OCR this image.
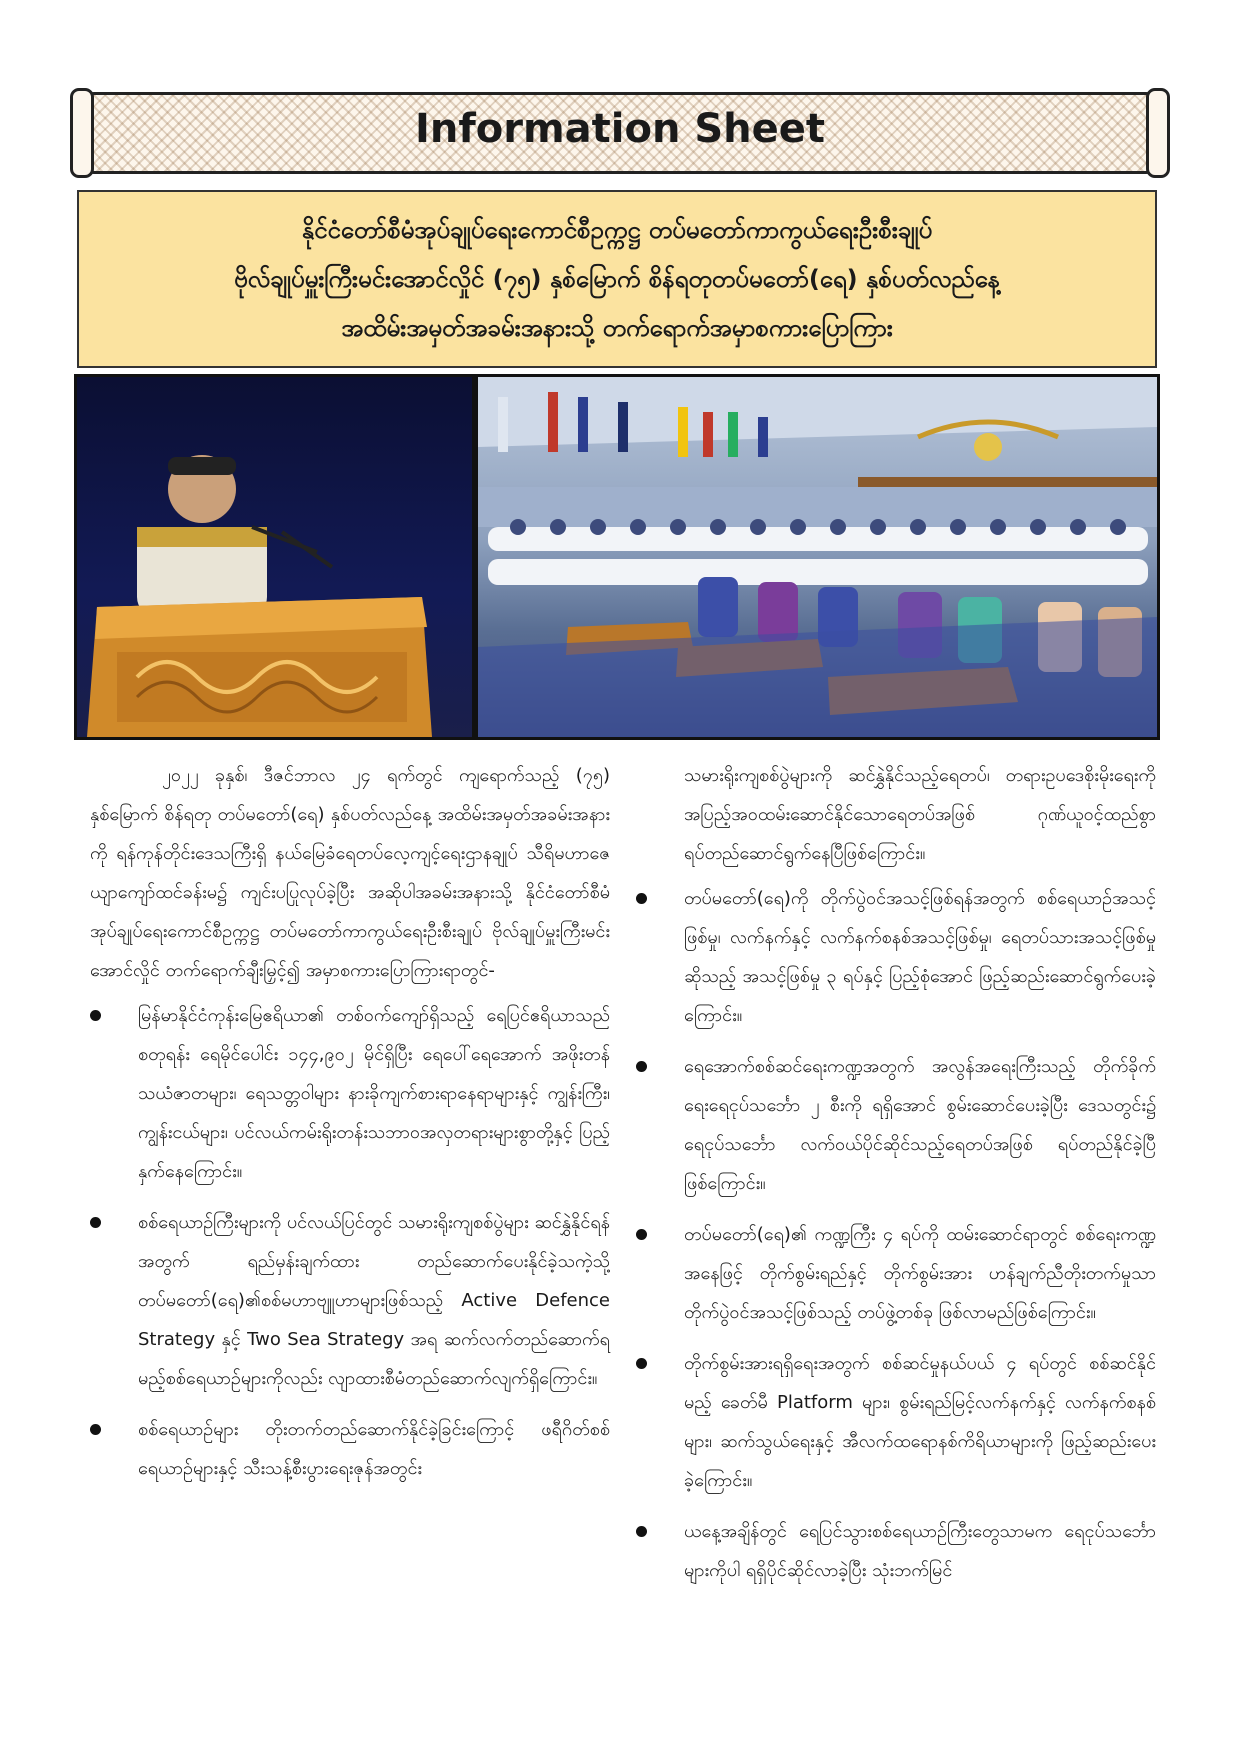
Information Sheet

နိုင်ငံတော်စီမံအုပ်ချုပ်ရေးကောင်စီဥက္ကဋ္ဌ တပ်မတော်ကာကွယ်ရေးဦးစီးချုပ်

ဗိုလ်ချုပ်မှူးကြီးမင်းအောင်လှိုင် (၇၅) နှစ်မြောက် စိန်ရတုတပ်မတော်(ရေ) နှစ်ပတ်လည်နေ့

အထိမ်းအမှတ်အခမ်းအနားသို့ တက်ရောက်အမှာစကားပြောကြား

၂၀၂၂ ခုနှစ်၊ ဒီဇင်ဘာလ ၂၄ ရက်တွင် ကျရောက်သည့် (၇၅) နှစ်မြောက် စိန်ရတု တပ်မတော်(ရေ) နှစ်ပတ်လည်နေ့ အထိမ်းအမှတ်အခမ်းအနားကို ရန်ကုန်တိုင်းဒေသကြီးရှိ နယ်မြေခံရေတပ်လေ့ကျင့်ရေးဌာနချုပ် သီရိမဟာဇေယျာကျော်ထင်ခန်းမ၌ ကျင်းပပြုလုပ်ခဲ့ပြီး အဆိုပါအခမ်းအနားသို့ နိုင်ငံတော်စီမံအုပ်ချုပ်ရေးကောင်စီဥက္ကဋ္ဌ တပ်မတော်ကာကွယ်ရေးဦးစီးချုပ် ဗိုလ်ချုပ်မှူးကြီးမင်းအောင်လှိုင် တက်ရောက်ချီးမြှင့်၍ အမှာစကားပြောကြားရာတွင်-

မြန်မာနိုင်ငံကုန်းမြေဧရိယာ၏ တစ်ဝက်ကျော်ရှိသည့် ရေပြင်ဧရိယာသည် စတုရန်း ရေမိုင်ပေါင်း ၁၄၄,၉၀၂ မိုင်ရှိပြီး ရေပေါ်ရေအောက် အဖိုးတန်သယံဇာတများ၊ ရေသတ္တဝါများ နားခိုကျက်စားရာနေရာများနှင့် ကျွန်းကြီး၊ ကျွန်းငယ်များ၊ ပင်လယ်ကမ်းရိုးတန်းသဘာဝအလှတရားများစွာတို့နှင့် ပြည့်နှက်နေကြောင်း။
စစ်ရေယာဉ်ကြီးများကို ပင်လယ်ပြင်တွင် သမားရိုးကျစစ်ပွဲများ ဆင်နွှဲနိုင်ရန်အတွက် ရည်မှန်းချက်ထား တည်ဆောက်ပေးနိုင်ခဲ့သကဲ့သို့ တပ်မတော်(ရေ)၏စစ်မဟာဗျူဟာများဖြစ်သည့် Active Defence Strategy နှင့် Two Sea Strategy အရ ဆက်လက်တည်ဆောက်ရမည့်စစ်ရေယာဉ်များကိုလည်း လျာထားစီမံတည်ဆောက်လျက်ရှိကြောင်း။
စစ်ရေယာဉ်များ တိုးတက်တည်ဆောက်နိုင်ခဲ့ခြင်းကြောင့် ဖရီဂိတ်စစ်ရေယာဉ်များနှင့် သီးသန့်စီးပွားရေးဇုန်အတွင်း

သမားရိုးကျစစ်ပွဲများကို ဆင်နွှဲနိုင်သည့်ရေတပ်၊ တရားဥပဒေစိုးမိုးရေးကို အပြည့်အဝထမ်းဆောင်နိုင်သောရေတပ်အဖြစ် ဂုဏ်ယူဝင့်ထည်စွာ ရပ်တည်ဆောင်ရွက်နေပြီဖြစ်ကြောင်း။

တပ်မတော်(ရေ)ကို တိုက်ပွဲဝင်အသင့်ဖြစ်ရန်အတွက် စစ်ရေယာဉ်အသင့်ဖြစ်မှု၊ လက်နက်နှင့် လက်နက်စနစ်အသင့်ဖြစ်မှု၊ ရေတပ်သားအသင့်ဖြစ်မှုဆိုသည့် အသင့်ဖြစ်မှု ၃ ရပ်နှင့် ပြည့်စုံအောင် ဖြည့်ဆည်းဆောင်ရွက်ပေးခဲ့ကြောင်း။
ရေအောက်စစ်ဆင်ရေးကဏ္ဍအတွက် အလွန်အရေးကြီးသည့် တိုက်ခိုက်ရေးရေငုပ်သင်္ဘော ၂ စီးကို ရရှိအောင် စွမ်းဆောင်ပေးခဲ့ပြီး ဒေသတွင်း၌ ရေငုပ်သင်္ဘော လက်ဝယ်ပိုင်ဆိုင်သည့်ရေတပ်အဖြစ် ရပ်တည်နိုင်ခဲ့ပြီဖြစ်ကြောင်း။
တပ်မတော်(ရေ)၏ ကဏ္ဍကြီး ၄ ရပ်ကို ထမ်းဆောင်ရာတွင် စစ်ရေးကဏ္ဍအနေဖြင့် တိုက်စွမ်းရည်နှင့် တိုက်စွမ်းအား ဟန်ချက်ညီတိုးတက်မှုသာ တိုက်ပွဲဝင်အသင့်ဖြစ်သည့် တပ်ဖွဲ့တစ်ခု ဖြစ်လာမည်ဖြစ်ကြောင်း။
တိုက်စွမ်းအားရရှိရေးအတွက် စစ်ဆင်မှုနယ်ပယ် ၄ ရပ်တွင် စစ်ဆင်နိုင်မည့် ခေတ်မီ Platform များ၊ စွမ်းရည်မြင့်လက်နက်နှင့် လက်နက်စနစ်များ၊ ဆက်သွယ်ရေးနှင့် အီလက်ထရောနစ်ကိရိယာများကို ဖြည့်ဆည်းပေးခဲ့ကြောင်း။
ယနေ့အချိန်တွင် ရေပြင်သွားစစ်ရေယာဉ်ကြီးတွေသာမက ရေငုပ်သင်္ဘောများကိုပါ ရရှိပိုင်ဆိုင်လာခဲ့ပြီး သုံးဘက်မြင်
